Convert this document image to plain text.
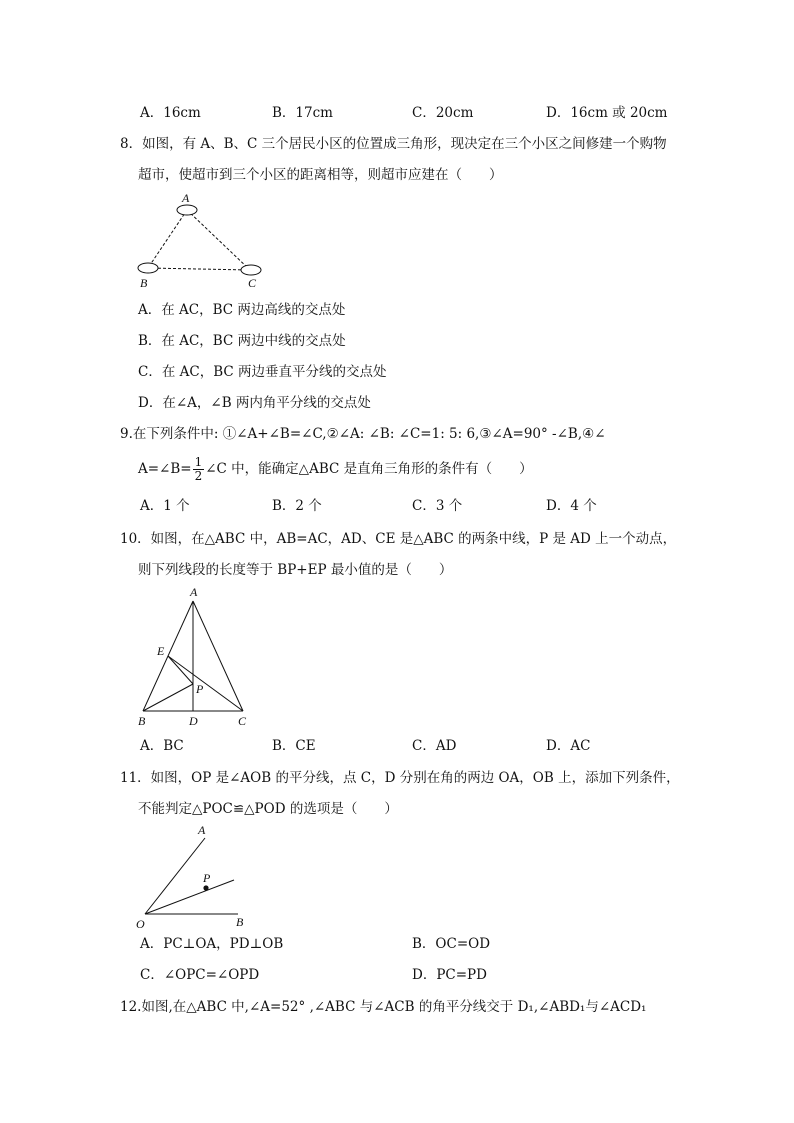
A．16cm	B．17cm	C．20cm	D．16cm 或 20cm
8．如图，有 A、B、C 三个居民小区的位置成三角形，现决定在三个小区之间修建一个购物
超市，使超市到三个小区的距离相等，则超市应建在（　　）
A
B	C
A．在 AC，BC 两边高线的交点处
B．在 AC，BC 两边中线的交点处
C．在 AC，BC 两边垂直平分线的交点处
D．在∠A，∠B 两内角平分线的交点处
9.在下列条件中: ①∠A+∠B=∠C,②∠A: ∠B: ∠C=1: 5: 6,③∠A=90° -∠B,④∠
A=∠B= $\frac{1}{2}$ ∠C 中，能确定△ABC 是直角三角形的条件有（　　）
A．1 个	B．2 个	C．3 个	D．4 个
10．如图，在△ABC 中，AB=AC，AD、CE 是△ABC 的两条中线，P 是 AD 上一个动点，
则下列线段的长度等于 BP+EP 最小值的是（　　）
A
E
P
B	D	C
A．BC	B．CE	C．AD	D．AC
11．如图，OP 是∠AOB 的平分线，点 C，D 分别在角的两边 OA，OB 上，添加下列条件，
不能判定△POC≌△POD 的选项是（　　）
A
P
O	B
A．PC⊥OA，PD⊥OB	B．OC=OD
C．∠OPC=∠OPD	D．PC=PD
12.如图,在△ABC 中,∠A=52° ,∠ABC 与∠ACB 的角平分线交于 D₁,∠ABD₁与∠ACD₁
